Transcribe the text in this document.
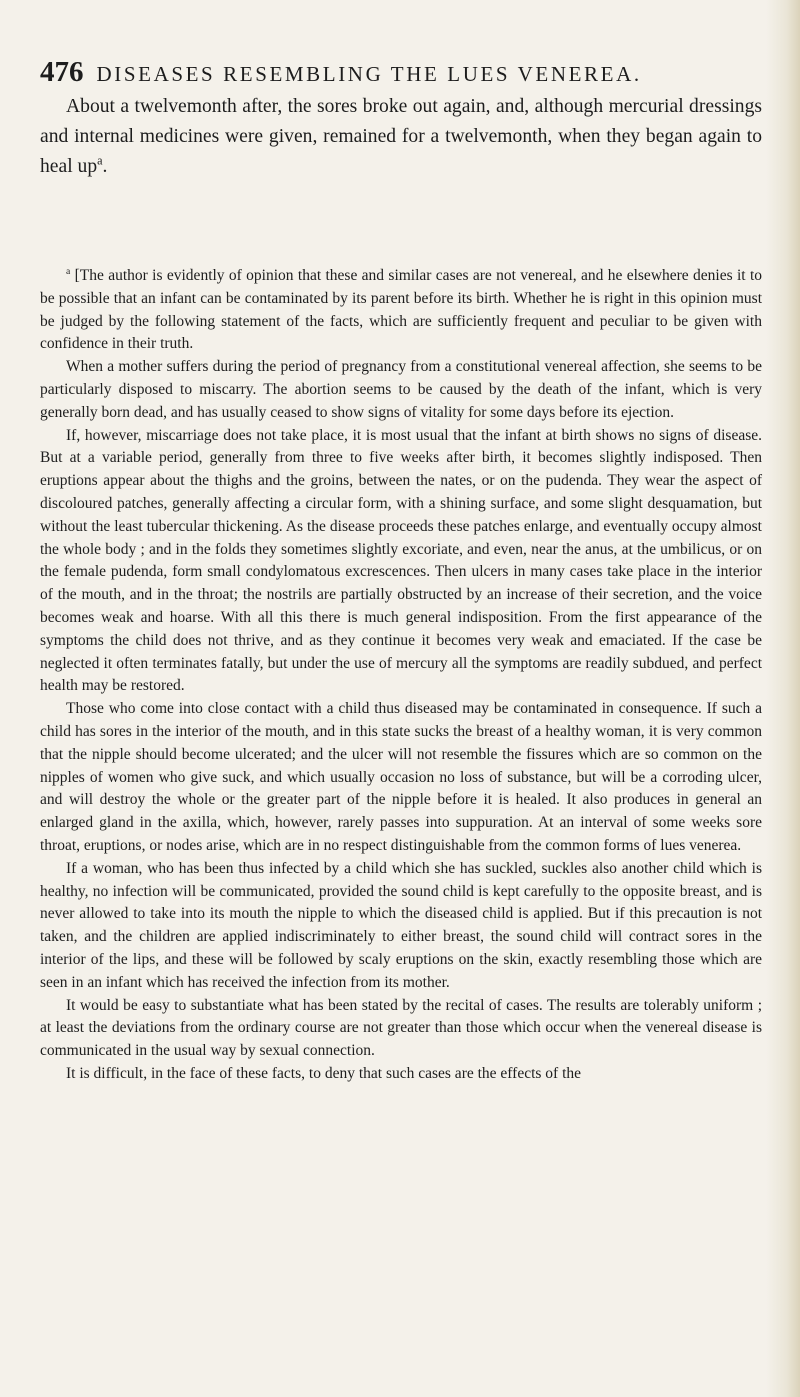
476 DISEASES RESEMBLING THE LUES VENEREA.

About a twelvemonth after, the sores broke out again, and, although mercurial dressings and internal medicines were given, remained for a twelvemonth, when they began again to heal $up^a$.

$^a$ [The author is evidently of opinion that these and similar cases are not venereal, and he elsewhere denies it to be possible that an infant can be contaminated by its parent before its birth. Whether he is right in this opinion must be judged by the following statement of the facts, which are sufficiently frequent and peculiar to be given with confidence in their truth.

When a mother suffers during the period of pregnancy from a constitutional venereal affection, she seems to be particularly disposed to miscarry. The abortion seems to be caused by the death of the infant, which is very generally born dead, and has usually ceased to show signs of vitality for some days before its ejection.

If, however, miscarriage does not take place, it is most usual that the infant at birth shows no signs of disease. But at a variable period, generally from three to five weeks after birth, it becomes slightly indisposed. Then eruptions appear about the thighs and the groins, between the nates, or on the pudenda. They wear the aspect of discoloured patches, generally affecting a circular form, with a shining surface, and some slight desquamation, but without the least tubercular thickening. As the disease proceeds these patches enlarge, and eventually occupy almost the whole body ; and in the folds they sometimes slightly excoriate, and even, near the anus, at the umbilicus, or on the female pudenda, form small condylomatous excrescences. Then ulcers in many cases take place in the interior of the mouth, and in the throat; the nostrils are partially obstructed by an increase of their secretion, and the voice becomes weak and hoarse. With all this there is much general indisposition. From the first appearance of the symptoms the child does not thrive, and as they continue it becomes very weak and emaciated. If the case be neglected it often terminates fatally, but under the use of mercury all the symptoms are readily subdued, and perfect health may be restored.

Those who come into close contact with a child thus diseased may be contaminated in consequence. If such a child has sores in the interior of the mouth, and in this state sucks the breast of a healthy woman, it is very common that the nipple should become ulcerated; and the ulcer will not resemble the fissures which are so common on the nipples of women who give suck, and which usually occasion no loss of substance, but will be a corroding ulcer, and will destroy the whole or the greater part of the nipple before it is healed. It also produces in general an enlarged gland in the axilla, which, however, rarely passes into suppuration. At an interval of some weeks sore throat, eruptions, or nodes arise, which are in no respect distinguishable from the common forms of lues venerea.

If a woman, who has been thus infected by a child which she has suckled, suckles also another child which is healthy, no infection will be communicated, provided the sound child is kept carefully to the opposite breast, and is never allowed to take into its mouth the nipple to which the diseased child is applied. But if this precaution is not taken, and the children are applied indiscriminately to either breast, the sound child will contract sores in the interior of the lips, and these will be followed by scaly eruptions on the skin, exactly resembling those which are seen in an infant which has received the infection from its mother.

It would be easy to substantiate what has been stated by the recital of cases. The results are tolerably uniform ; at least the deviations from the ordinary course are not greater than those which occur when the venereal disease is communicated in the usual way by sexual connection.

It is difficult, in the face of these facts, to deny that such cases are the effects of the
